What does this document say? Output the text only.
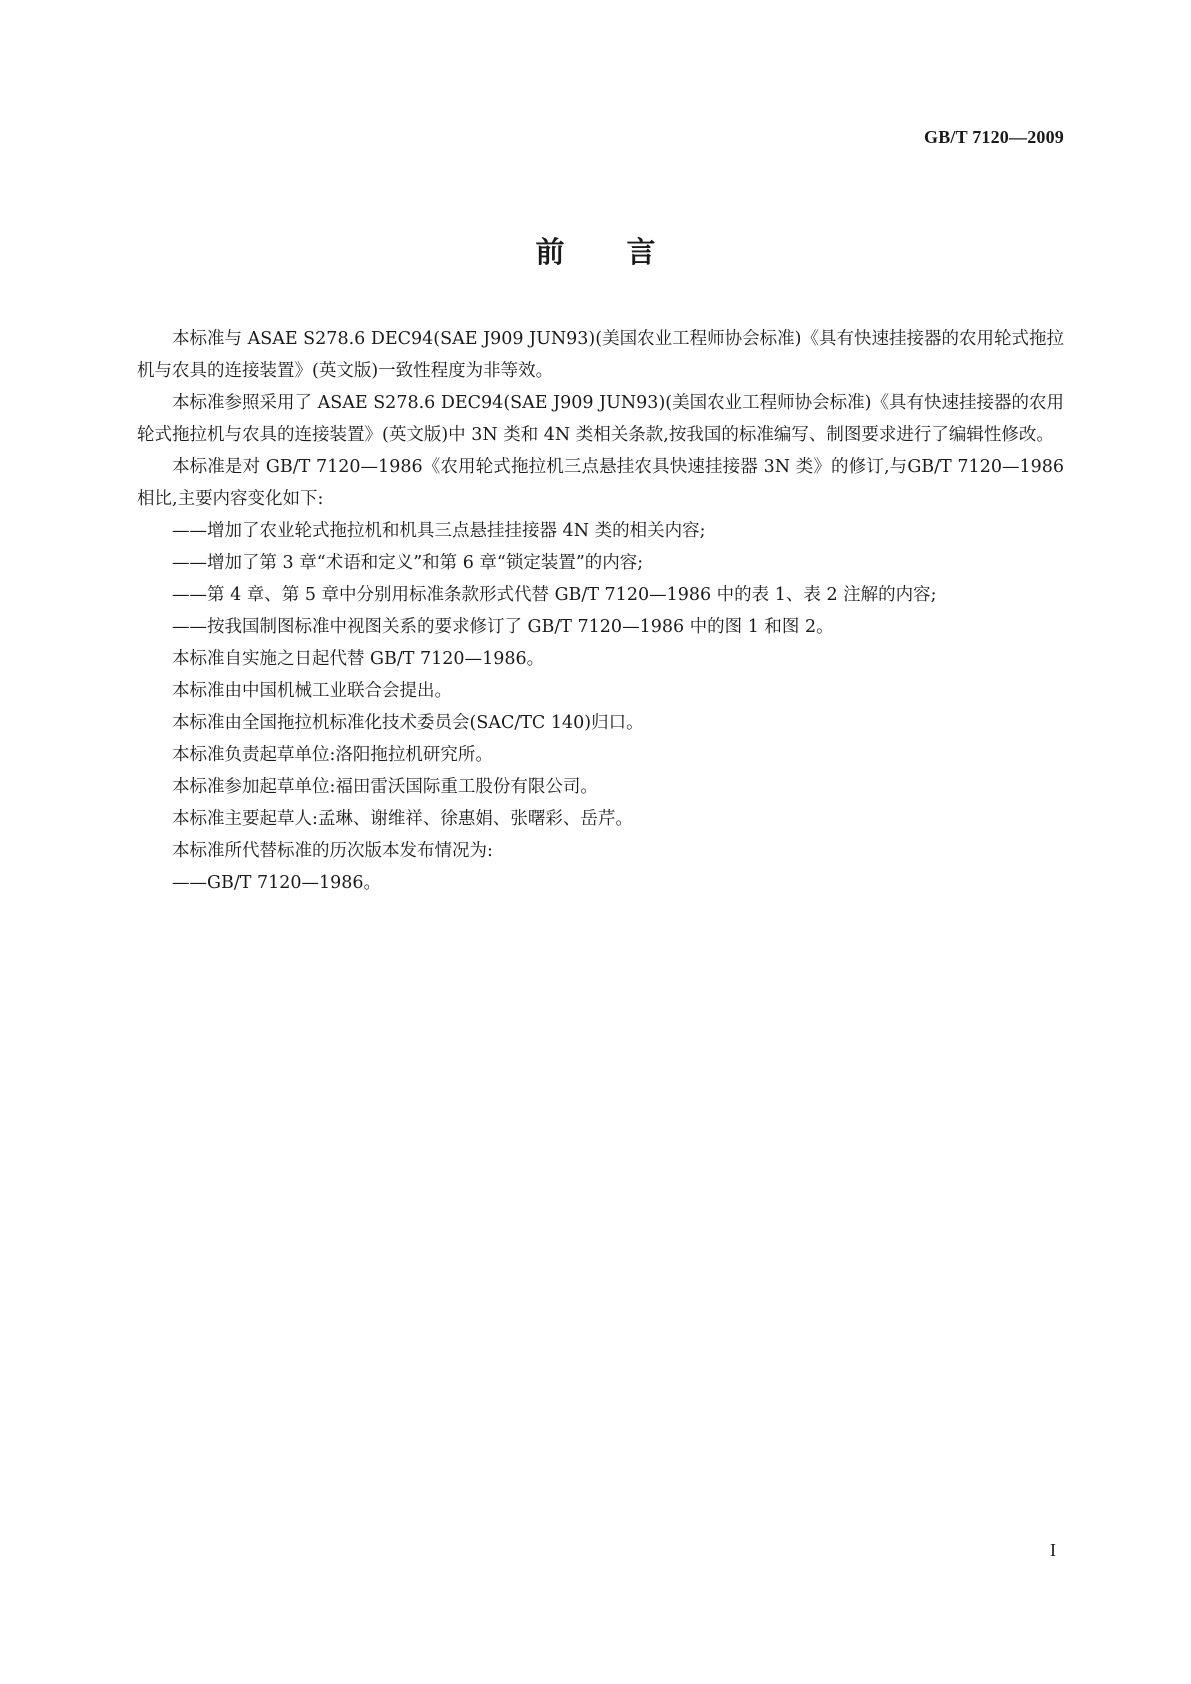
GB/T 7120—2009
前言

本标准与 ASAE S278.6 DEC94(SAE J909 JUN93)(美国农业工程师协会标准)《具有快速挂接器的农用轮式拖拉机与农具的连接装置》(英文版)一致性程度为非等效。

本标准参照采用了 ASAE S278.6 DEC94(SAE J909 JUN93)(美国农业工程师协会标准)《具有快速挂接器的农用轮式拖拉机与农具的连接装置》(英文版)中 3N 类和 4N 类相关条款,按我国的标准编写、制图要求进行了编辑性修改。

本标准是对 GB/T 7120—1986《农用轮式拖拉机三点悬挂农具快速挂接器 3N 类》的修订,与GB/T 7120—1986 相比,主要内容变化如下:

——增加了农业轮式拖拉机和机具三点悬挂挂接器 4N 类的相关内容;

——增加了第 3 章“术语和定义”和第 6 章“锁定装置”的内容;

——第 4 章、第 5 章中分别用标准条款形式代替 GB/T 7120—1986 中的表 1、表 2 注解的内容;

——按我国制图标准中视图关系的要求修订了 GB/T 7120—1986 中的图 1 和图 2。

本标准自实施之日起代替 GB/T 7120—1986。

本标准由中国机械工业联合会提出。

本标准由全国拖拉机标准化技术委员会(SAC/TC 140)归口。

本标准负责起草单位:洛阳拖拉机研究所。

本标准参加起草单位:福田雷沃国际重工股份有限公司。

本标准主要起草人:孟琳、谢维祥、徐惠娟、张曙彩、岳芹。

本标准所代替标准的历次版本发布情况为:

——GB/T 7120—1986。

I
